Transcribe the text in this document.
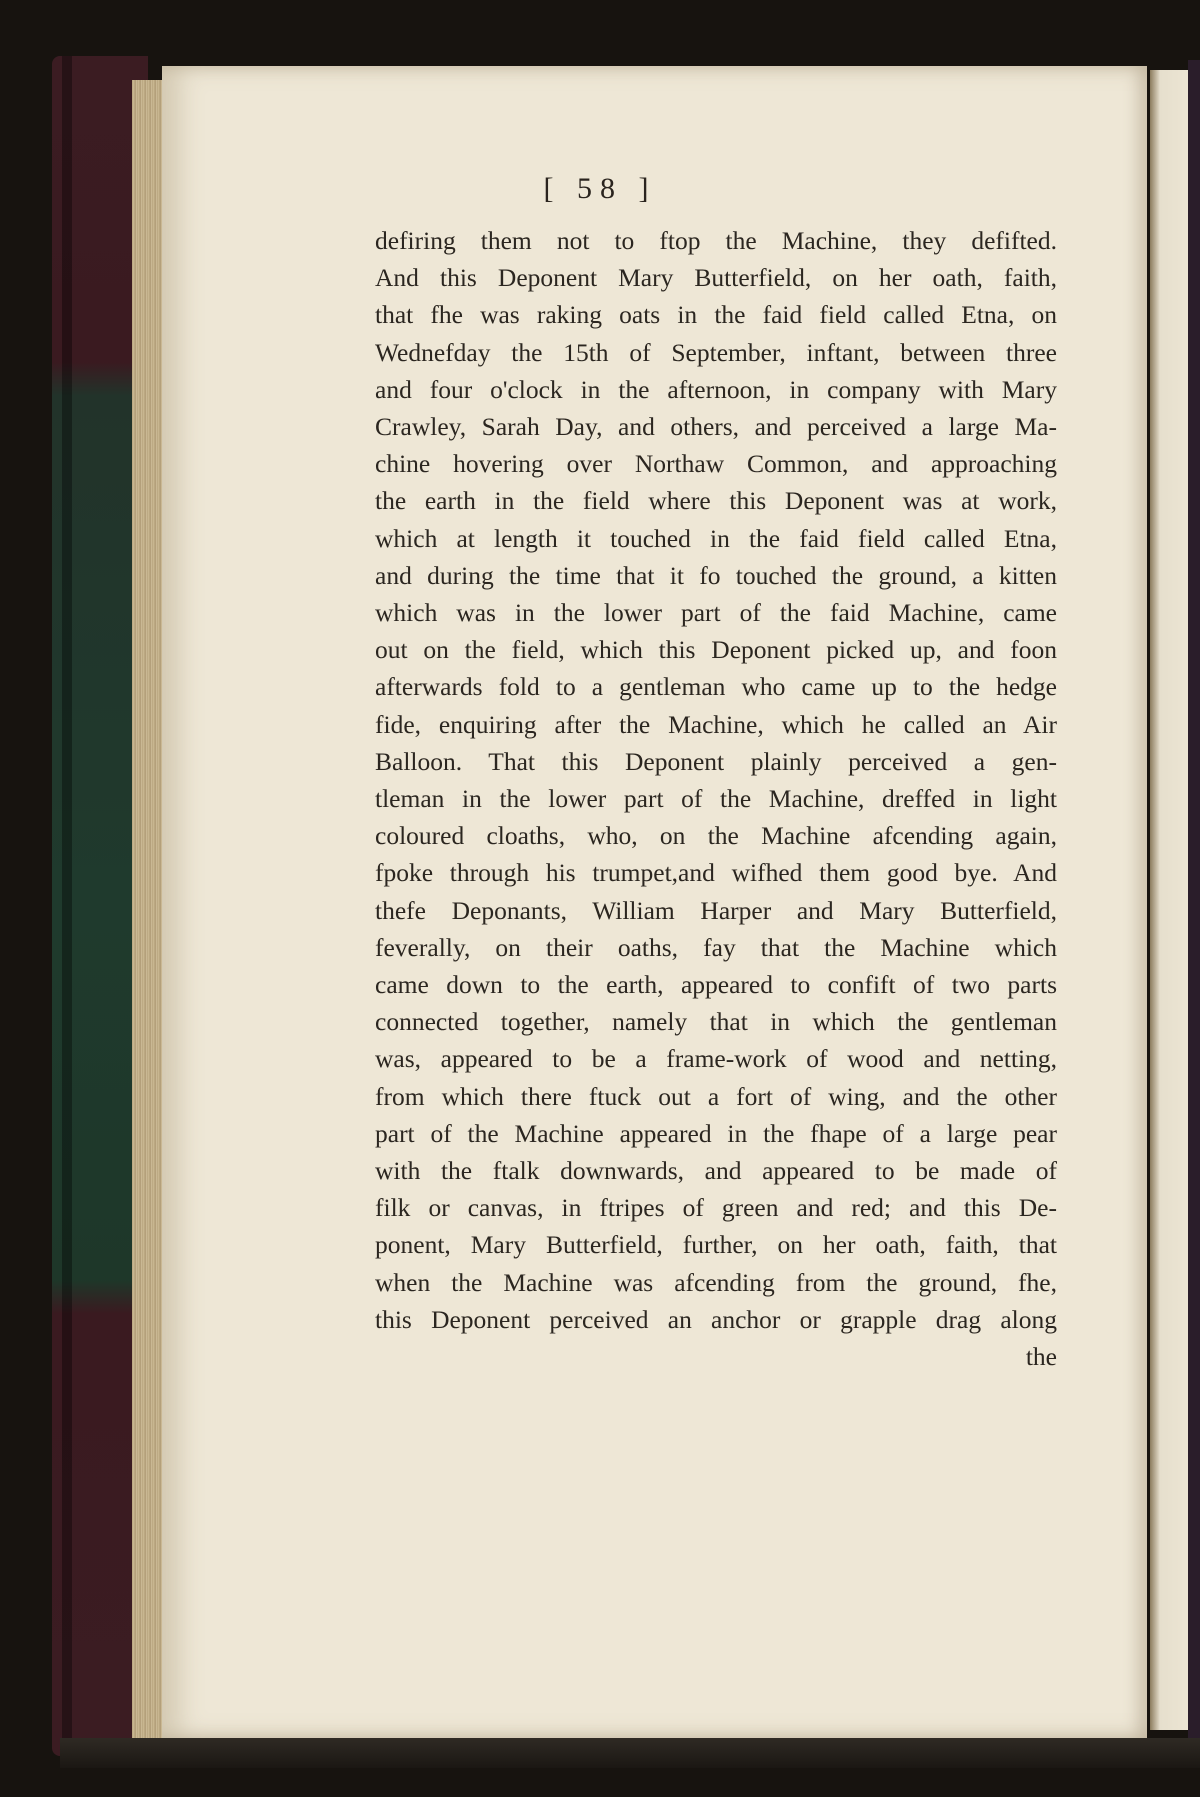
[ 58 ]
defiring them not to ftop the Machine, they defifted.
And this Deponent Mary Butterfield, on her oath, faith,
that fhe was raking oats in the faid field called Etna, on
Wednefday the 15th of September, inftant, between three
and four o'clock in the afternoon, in company with Mary
Crawley, Sarah Day, and others, and perceived a large Ma-
chine hovering over Northaw Common, and approaching
the earth in the field where this Deponent was at work,
which at length it touched in the faid field called Etna,
and during the time that it fo touched the ground, a kitten
which was in the lower part of the faid Machine, came
out on the field, which this Deponent picked up, and foon
afterwards fold to a gentleman who came up to the hedge
fide, enquiring after the Machine, which he called an Air
Balloon. That this Deponent plainly perceived a gen-
tleman in the lower part of the Machine, dreffed in light
coloured cloaths, who, on the Machine afcending again,
fpoke through his trumpet,and wifhed them good bye. And
thefe Deponants, William Harper and Mary Butterfield,
feverally, on their oaths, fay that the Machine which
came down to the earth, appeared to confift of two parts
connected together, namely that in which the gentleman
was, appeared to be a frame-work of wood and netting,
from which there ftuck out a fort of wing, and the other
part of the Machine appeared in the fhape of a large pear
with the ftalk downwards, and appeared to be made of
filk or canvas, in ftripes of green and red; and this De-
ponent, Mary Butterfield, further, on her oath, faith, that
when the Machine was afcending from the ground, fhe,
this Deponent perceived an anchor or grapple drag along
the
